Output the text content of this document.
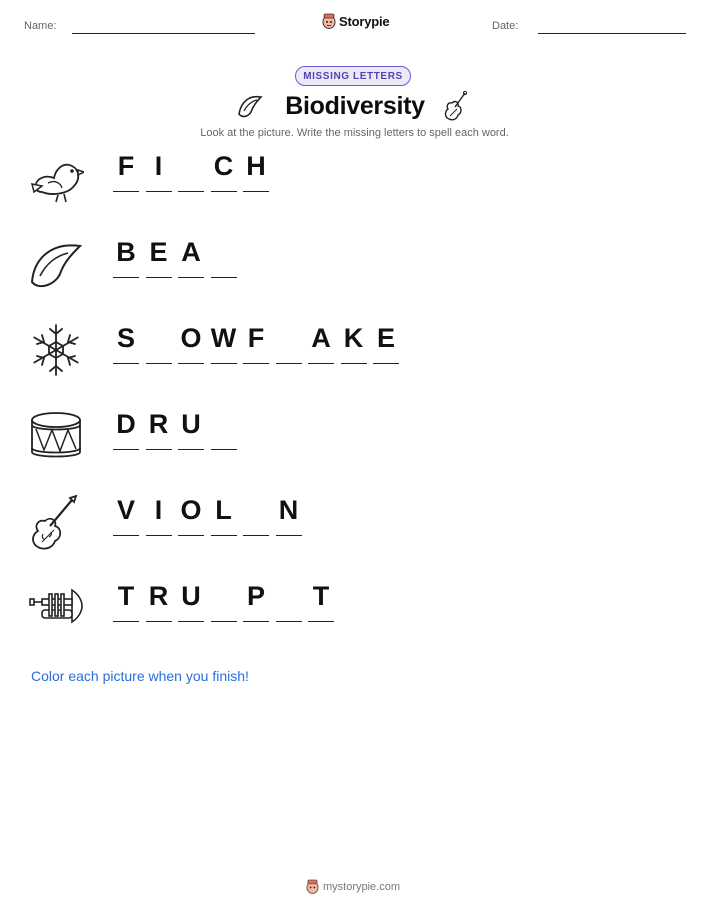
Name:	Storypie	Date:
MISSING LETTERS
Biodiversity
Look at the picture. Write the missing letters to spell each word.
F I	C H
B E A
S O W F A K E
D R U
V I O L N
T R U P T
Color each picture when you finish!
mystorypie.com
